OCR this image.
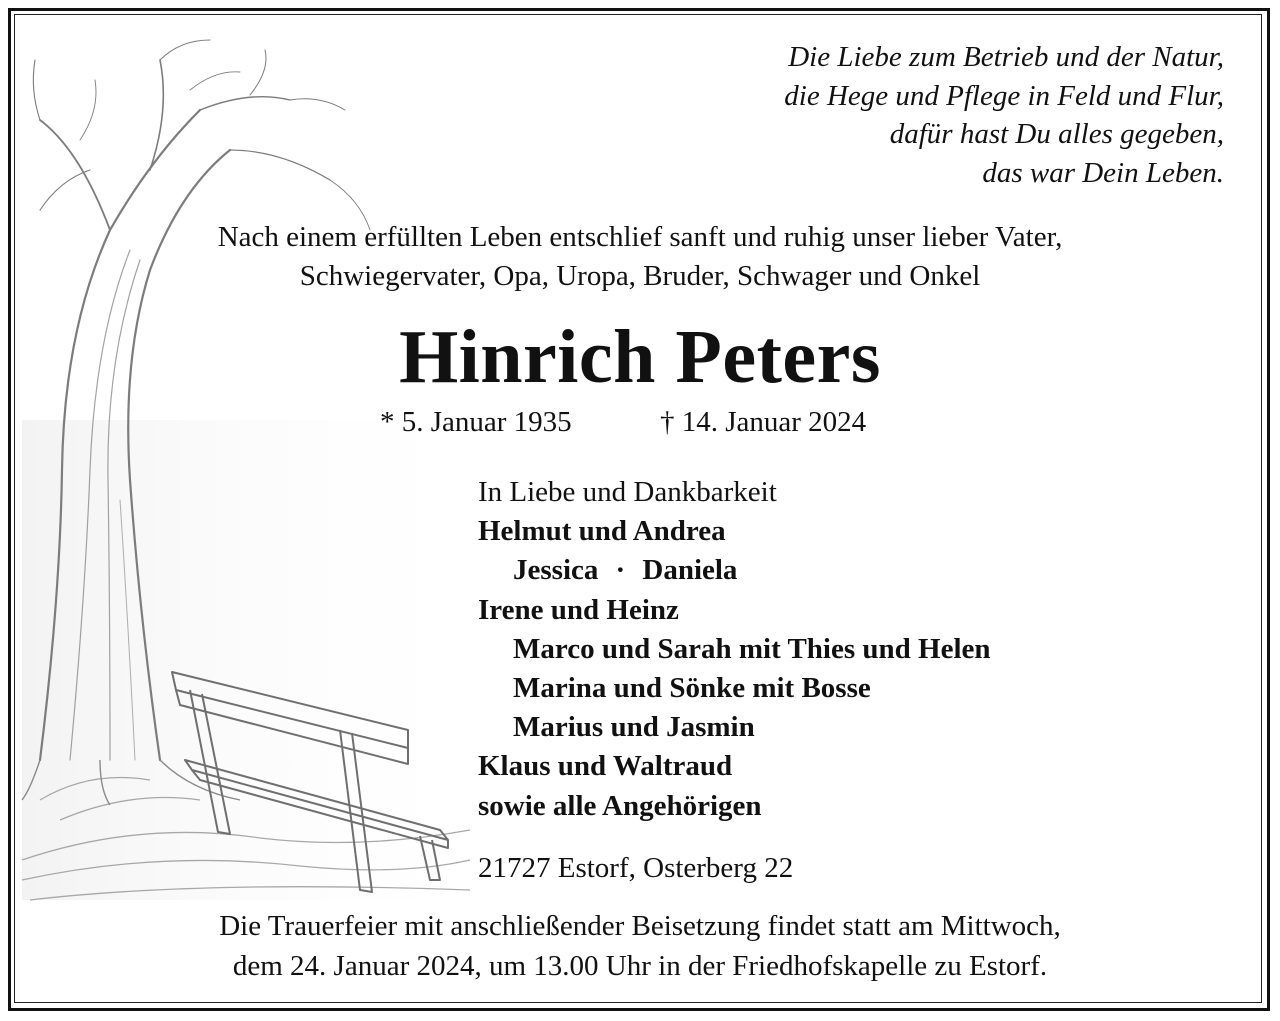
Die Liebe zum Betrieb und der Natur,
die Hege und Pflege in Feld und Flur,
dafür hast Du alles gegeben,
das war Dein Leben.
Nach einem erfüllten Leben entschlief sanft und ruhig unser lieber Vater,
Schwiegervater, Opa, Uropa, Bruder, Schwager und Onkel
Hinrich Peters
* 5. Januar 1935	† 14. Januar 2024
In Liebe und Dankbarkeit
Helmut und Andrea
Jessica · Daniela
Irene und Heinz
Marco und Sarah mit Thies und Helen
Marina und Sönke mit Bosse
Marius und Jasmin
Klaus und Waltraud
sowie alle Angehörigen
21727 Estorf, Osterberg 22
Die Trauerfeier mit anschließender Beisetzung findet statt am Mittwoch,
dem 24. Januar 2024, um 13.00 Uhr in der Friedhofskapelle zu Estorf.
